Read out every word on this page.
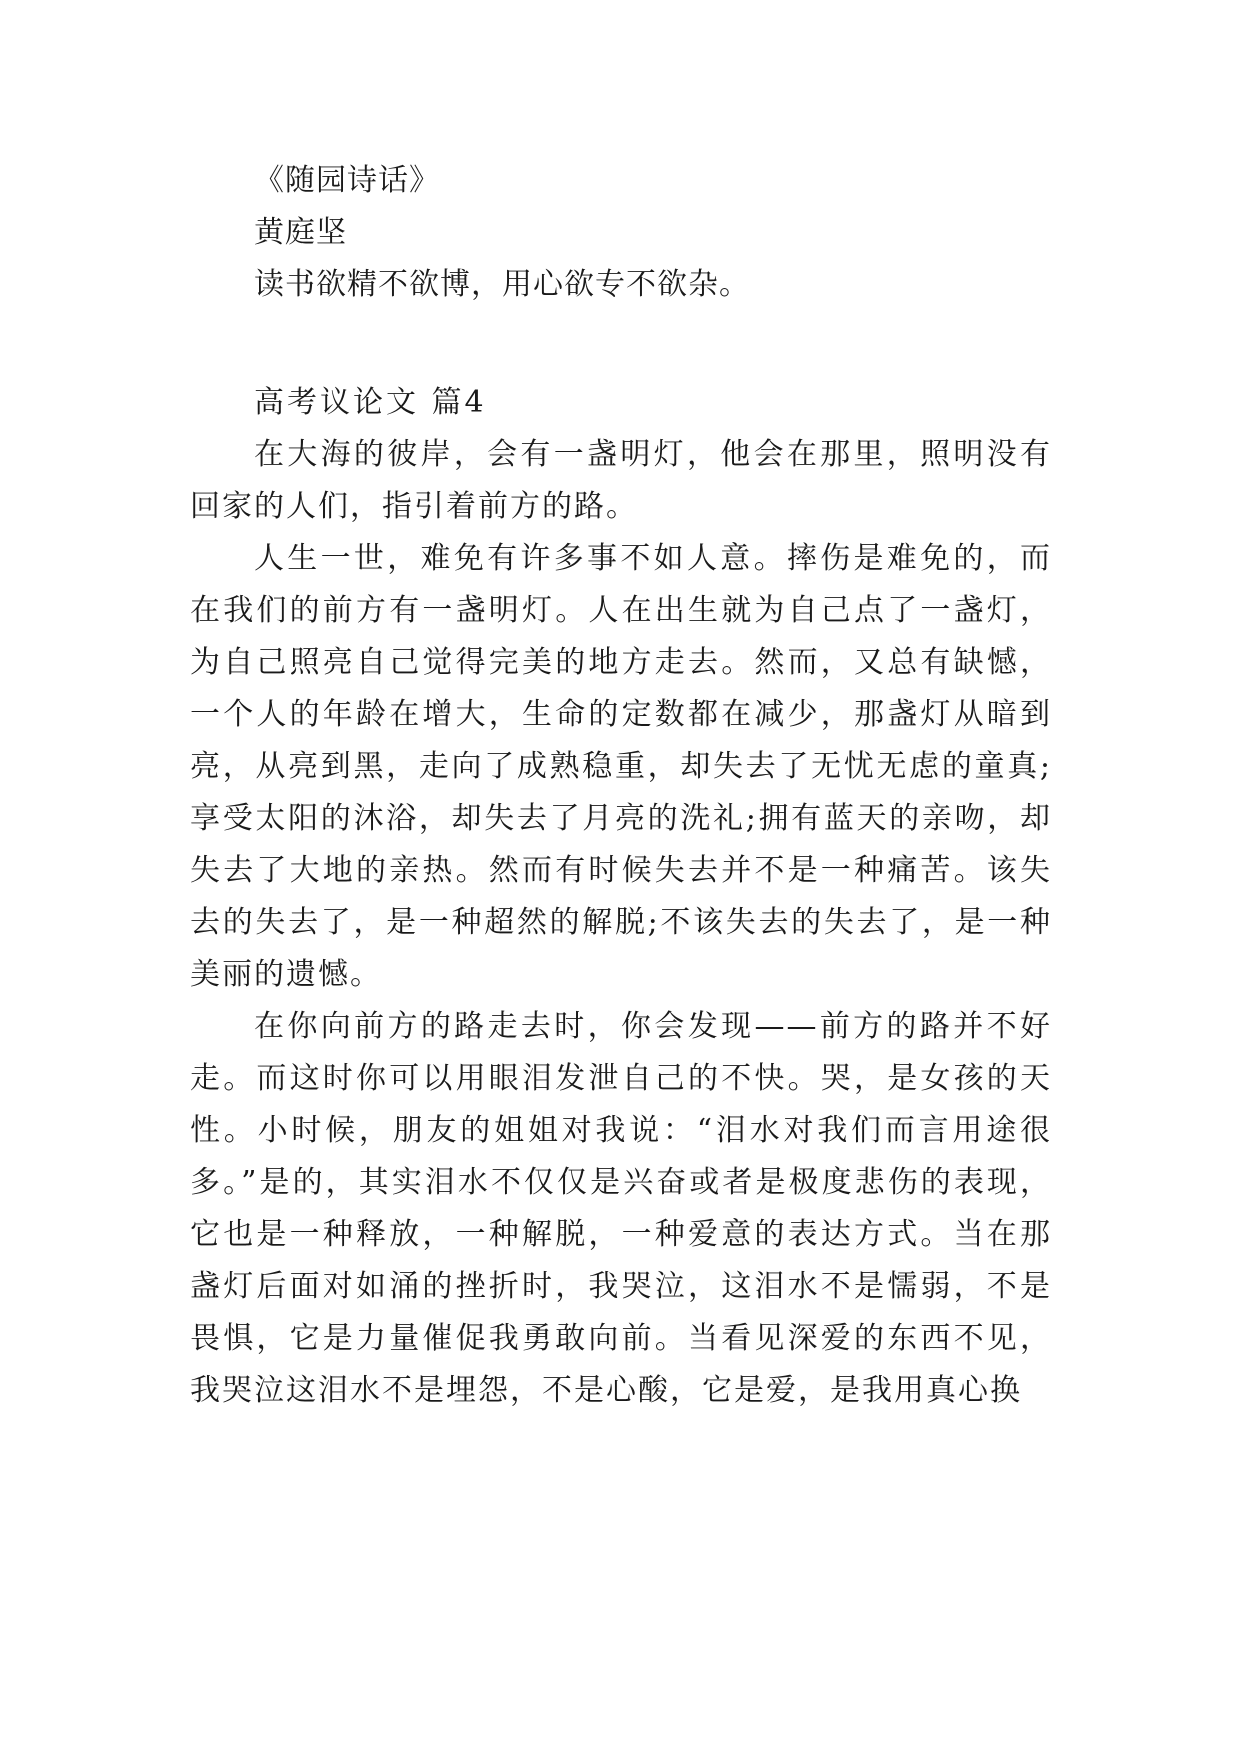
《随园诗话》
黄庭坚
读书欲精不欲博，用心欲专不欲杂。
高考议论文 篇4

在大海的彼岸，会有一盏明灯，他会在那里，照明没有回家的人们，指引着前方的路。

人生一世，难免有许多事不如人意。摔伤是难免的，而在我们的前方有一盏明灯。人在出生就为自己点了一盏灯，为自己照亮自己觉得完美的地方走去。然而，又总有缺憾，一个人的年龄在增大，生命的定数都在减少，那盏灯从暗到亮，从亮到黑，走向了成熟稳重，却失去了无忧无虑的童真;享受太阳的沐浴，却失去了月亮的洗礼;拥有蓝天的亲吻，却失去了大地的亲热。然而有时候失去并不是一种痛苦。该失去的失去了，是一种超然的解脱;不该失去的失去了，是一种美丽的遗憾。

在你向前方的路走去时，你会发现——前方的路并不好走。而这时你可以用眼泪发泄自己的不快。哭，是女孩的天性。小时候，朋友的姐姐对我说：“泪水对我们而言用途很多。”是的，其实泪水不仅仅是兴奋或者是极度悲伤的表现，它也是一种释放，一种解脱，一种爱意的表达方式。当在那盏灯后面对如涌的挫折时，我哭泣，这泪水不是懦弱，不是畏惧，它是力量催促我勇敢向前。当看见深爱的东西不见，我哭泣这泪水不是埋怨，不是心酸，它是爱，是我用真心换
